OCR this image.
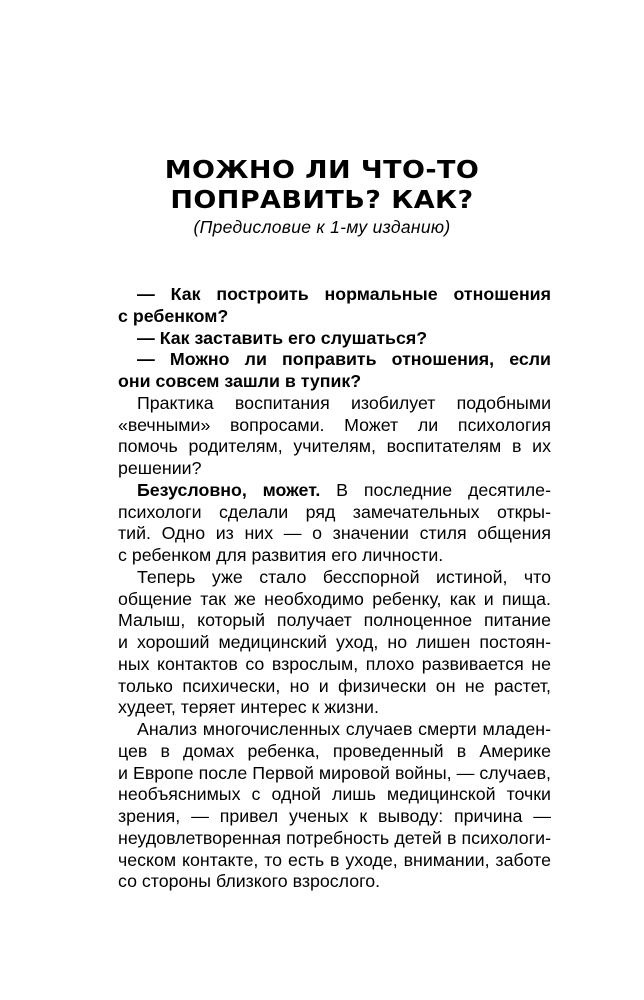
МОЖНО ЛИ ЧТО-ТО
ПОПРАВИТЬ? КАК?
(Предисловие к 1-му изданию)
— Как построить нормальные отношения
с ребенком?
— Как заставить его слушаться?
— Можно ли поправить отношения, если
они совсем зашли в тупик?
Практика воспитания изобилует подобными
«вечными» вопросами. Может ли психология
помочь родителям, учителям, воспитателям в их
решении?
Безусловно, может. В последние десятиле-
психологи сделали ряд замечательных откры-
тий. Одно из них — о значении стиля общения
с ребенком для развития его личности.
Теперь уже стало бесспорной истиной, что
общение так же необходимо ребенку, как и пища.
Малыш, который получает полноценное питание
и хороший медицинский уход, но лишен постоян-
ных контактов со взрослым, плохо развивается не
только психически, но и физически он не растет,
худеет, теряет интерес к жизни.
Анализ многочисленных случаев смерти младен-
цев в домах ребенка, проведенный в Америке
и Европе после Первой мировой войны, — случаев,
необъяснимых с одной лишь медицинской точки
зрения, — привел ученых к выводу: причина —
неудовлетворенная потребность детей в психологи-
ческом контакте, то есть в уходе, внимании, заботе
со стороны близкого взрослого.
